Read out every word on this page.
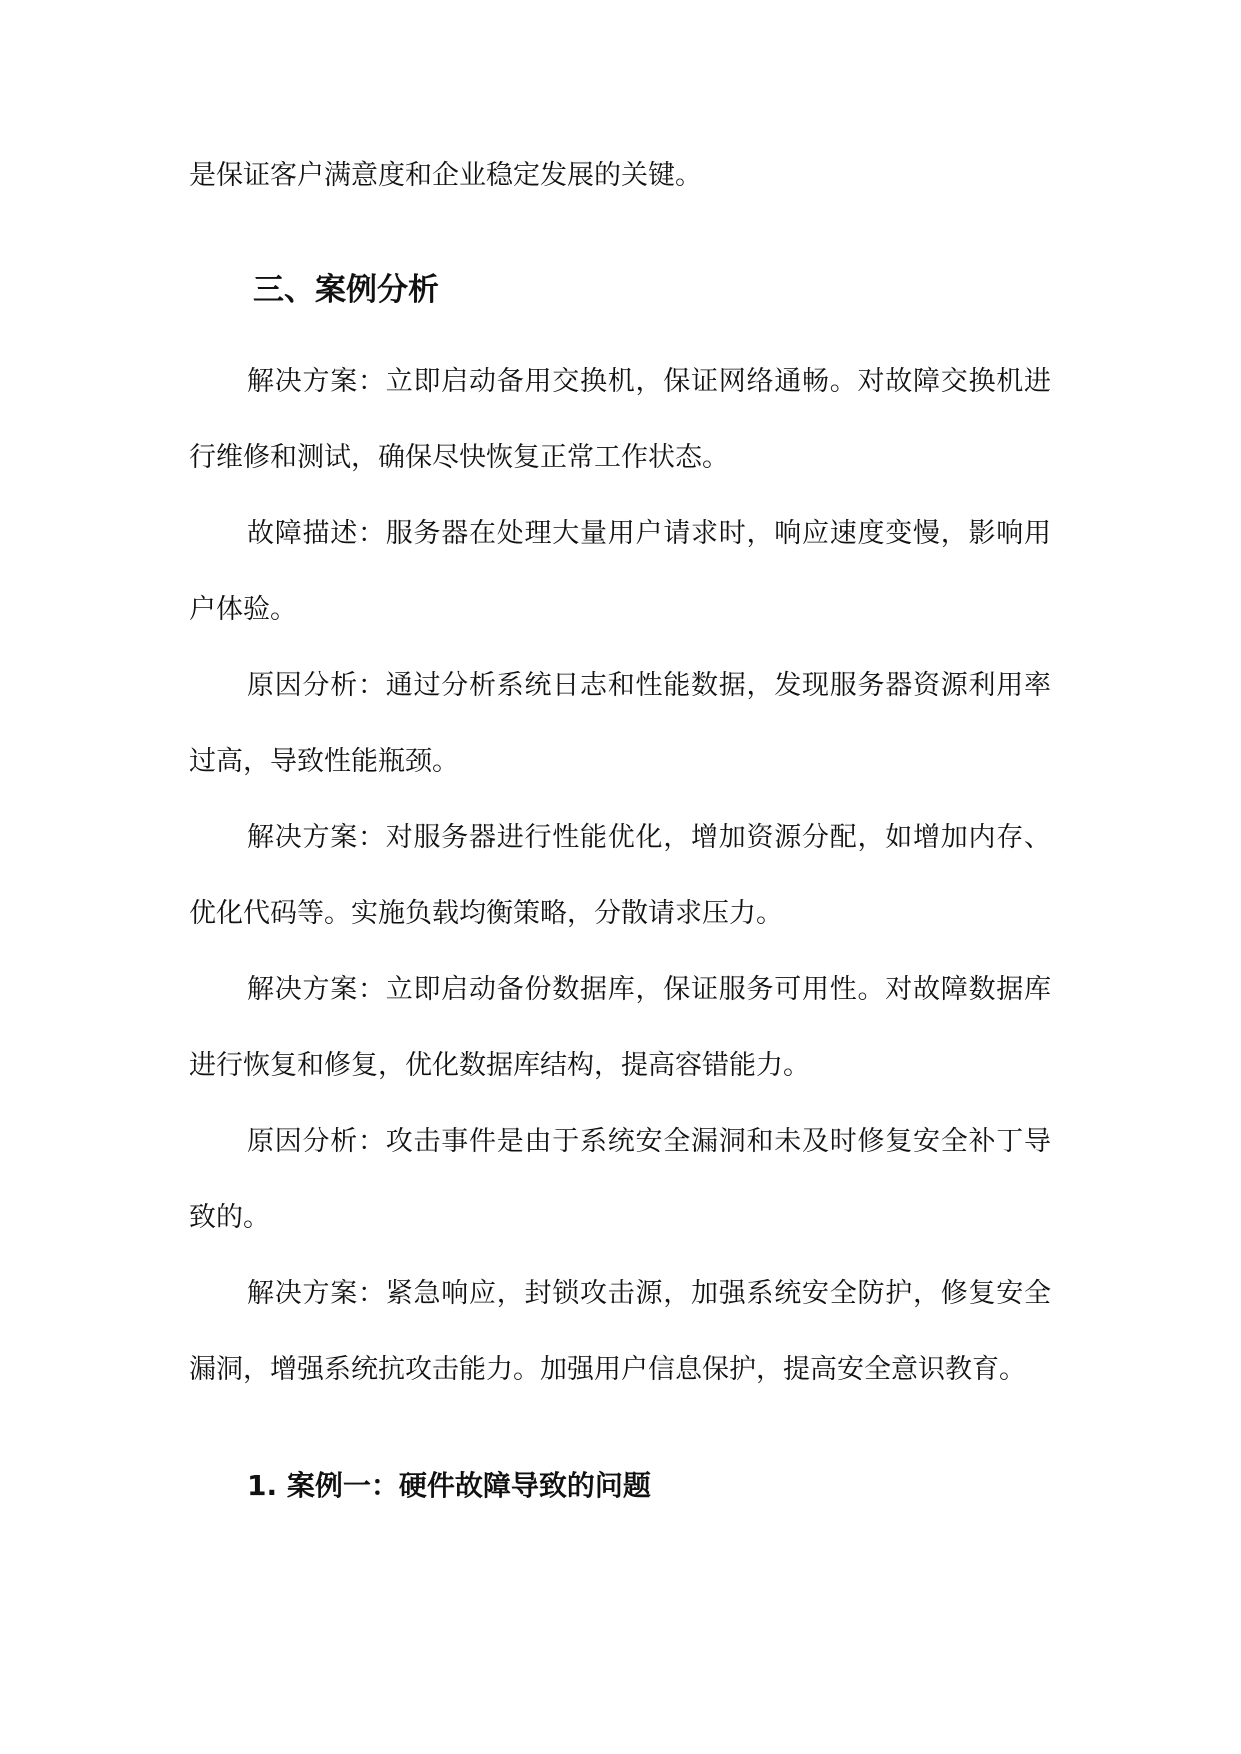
是保证客户满意度和企业稳定发展的关键。

三、案例分析

解决方案：立即启动备用交换机，保证网络通畅。对故障交换机进行维修和测试，确保尽快恢复正常工作状态。

故障描述：服务器在处理大量用户请求时，响应速度变慢，影响用户体验。

原因分析：通过分析系统日志和性能数据，发现服务器资源利用率过高，导致性能瓶颈。

解决方案：对服务器进行性能优化，增加资源分配，如增加内存、优化代码等。实施负载均衡策略，分散请求压力。

解决方案：立即启动备份数据库，保证服务可用性。对故障数据库进行恢复和修复，优化数据库结构，提高容错能力。

原因分析：攻击事件是由于系统安全漏洞和未及时修复安全补丁导致的。

解决方案：紧急响应，封锁攻击源，加强系统安全防护，修复安全漏洞，增强系统抗攻击能力。加强用户信息保护，提高安全意识教育。

1. 案例一：硬件故障导致的问题
